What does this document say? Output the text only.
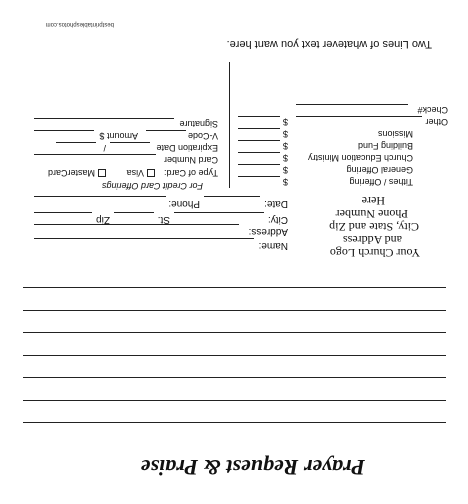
Prayer Request & Praise
Your Church Logo
and Address
City, State and Zip
Phone Number
Here
Name:
Address:
City:
St.
Zip
Date:
Phone:
Tithes / Offering
$
General Offering
$
Church Education Ministry
$
Building Fund
$
Missions
$
Other
$
Check#
For Credit Card Offerings
Type of Card:
Visa
MasterCard
Card Number
Expiration Date
/
V-Code
Amount $
Signature
Two Lines of whatever text you want here.
bestprintablesphotos.com
